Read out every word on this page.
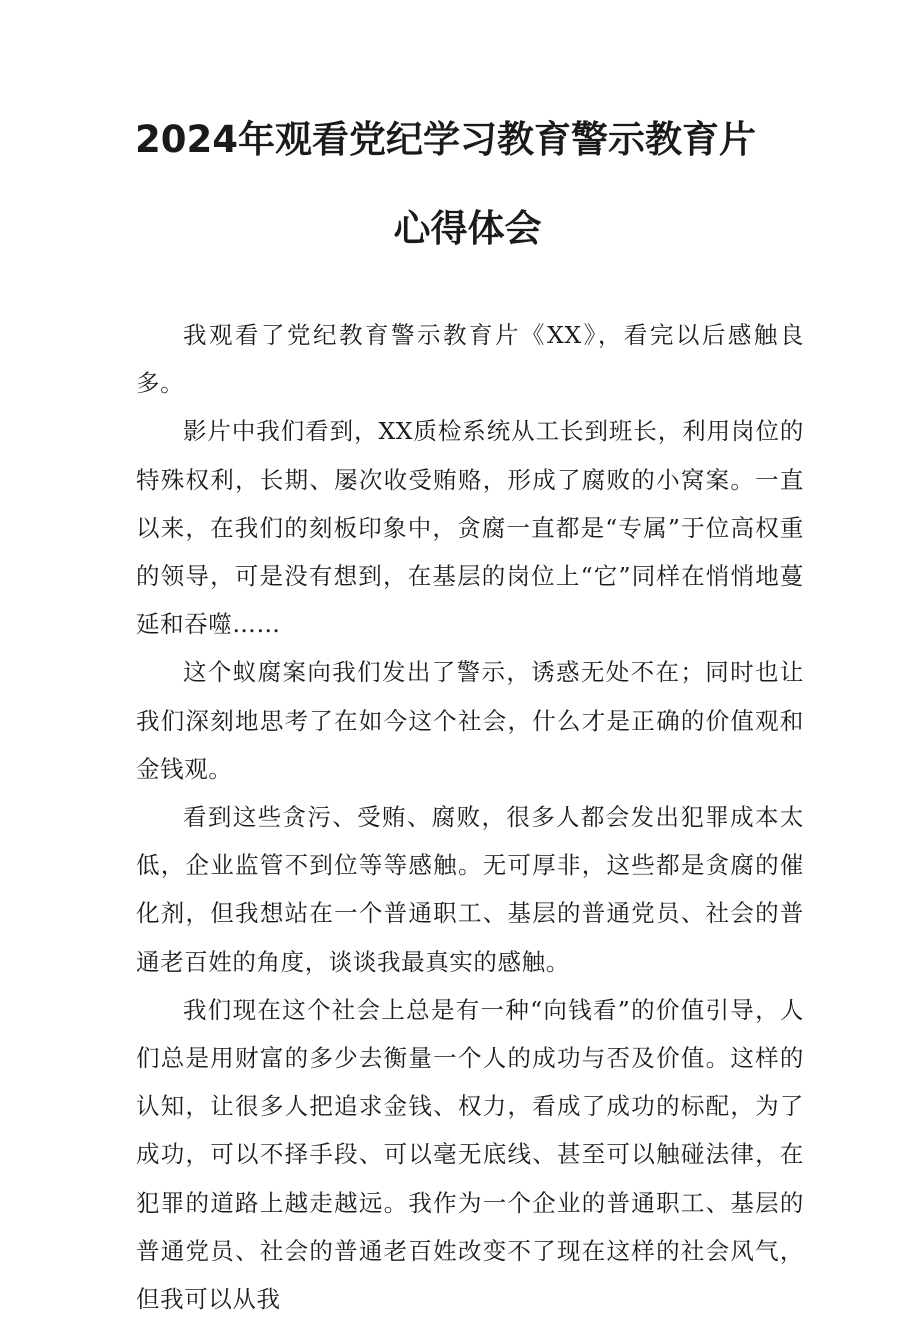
2024年观看党纪学习教育警示教育片
心得体会

我观看了党纪教育警示教育片《XX》，看完以后感触良多。

影片中我们看到，XX质检系统从工长到班长，利用岗位的特殊权利，长期、屡次收受贿赂，形成了腐败的小窝案。一直以来，在我们的刻板印象中，贪腐一直都是“专属”于位高权重的领导，可是没有想到，在基层的岗位上“它”同样在悄悄地蔓延和吞噬……

这个蚁腐案向我们发出了警示，诱惑无处不在；同时也让我们深刻地思考了在如今这个社会，什么才是正确的价值观和金钱观。

看到这些贪污、受贿、腐败，很多人都会发出犯罪成本太低，企业监管不到位等等感触。无可厚非，这些都是贪腐的催化剂，但我想站在一个普通职工、基层的普通党员、社会的普通老百姓的角度，谈谈我最真实的感触。

我们现在这个社会上总是有一种“向钱看”的价值引导，人们总是用财富的多少去衡量一个人的成功与否及价值。这样的认知，让很多人把追求金钱、权力，看成了成功的标配，为了成功，可以不择手段、可以毫无底线、甚至可以触碰法律，在犯罪的道路上越走越远。我作为一个企业的普通职工、基层的普通党员、社会的普通老百姓改变不了现在这样的社会风气，但我可以从我
